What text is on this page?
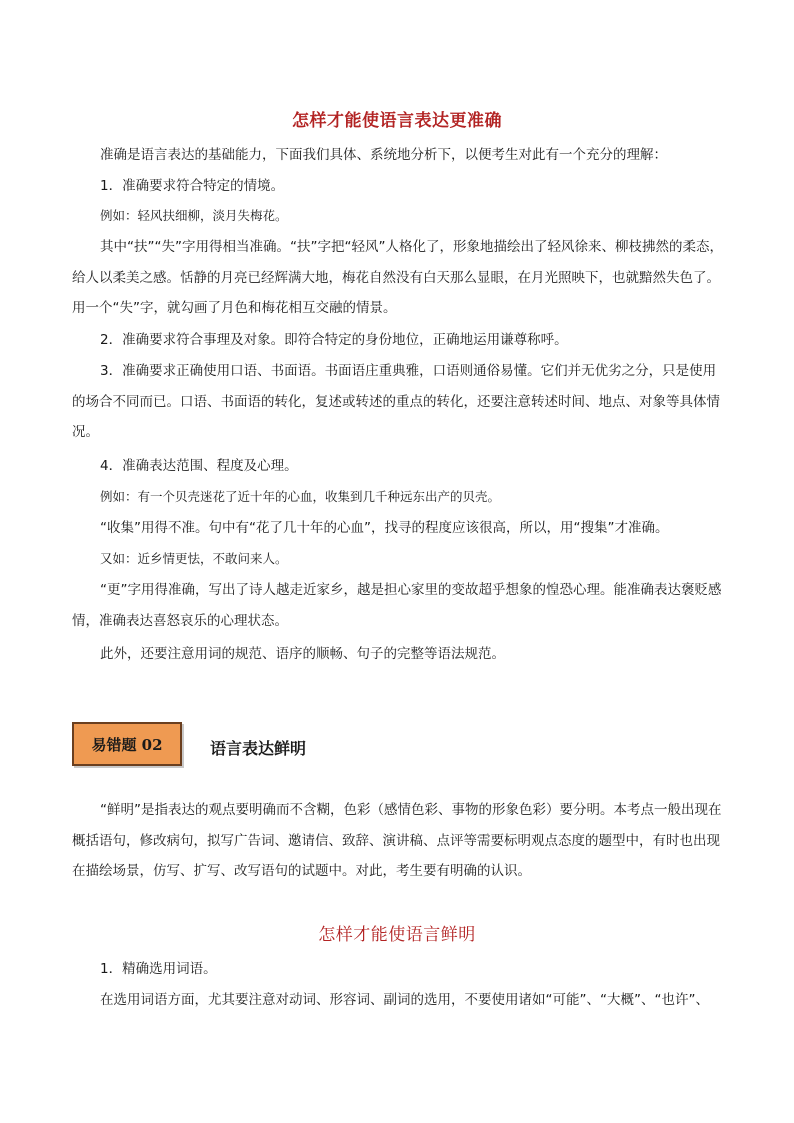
怎样才能使语言表达更准确

准确是语言表达的基础能力，下面我们具体、系统地分析下，以便考生对此有一个充分的理解：

1．准确要求符合特定的情境。

例如：轻风扶细柳，淡月失梅花。

其中“扶”“失”字用得相当准确。“扶”字把“轻风”人格化了，形象地描绘出了轻风徐来、柳枝拂然的柔态，给人以柔美之感。恬静的月亮已经辉满大地，梅花自然没有白天那么显眼，在月光照映下，也就黯然失色了。用一个“失”字，就勾画了月色和梅花相互交融的情景。

2．准确要求符合事理及对象。即符合特定的身份地位，正确地运用谦尊称呼。

3．准确要求正确使用口语、书面语。书面语庄重典雅，口语则通俗易懂。它们并无优劣之分，只是使用的场合不同而已。口语、书面语的转化，复述或转述的重点的转化，还要注意转述时间、地点、对象等具体情况。

4．准确表达范围、程度及心理。

例如：有一个贝壳迷花了近十年的心血，收集到几千种远东出产的贝壳。

“收集”用得不准。句中有“花了几十年的心血”，找寻的程度应该很高，所以，用“搜集”才准确。

又如：近乡情更怯，不敢问来人。

“更”字用得准确，写出了诗人越走近家乡，越是担心家里的变故超乎想象的惶恐心理。能准确表达褒贬感情，准确表达喜怒哀乐的心理状态。

此外，还要注意用词的规范、语序的顺畅、句子的完整等语法规范。

易错题 02	语言表达鲜明

“鲜明”是指表达的观点要明确而不含糊，色彩（感情色彩、事物的形象色彩）要分明。本考点一般出现在概括语句，修改病句，拟写广告词、邀请信、致辞、演讲稿、点评等需要标明观点态度的题型中，有时也出现在描绘场景，仿写、扩写、改写语句的试题中。对此，考生要有明确的认识。

怎样才能使语言鲜明

1．精确选用词语。

在选用词语方面，尤其要注意对动词、形容词、副词的选用，不要使用诸如“可能”、“大概”、“也许”、
